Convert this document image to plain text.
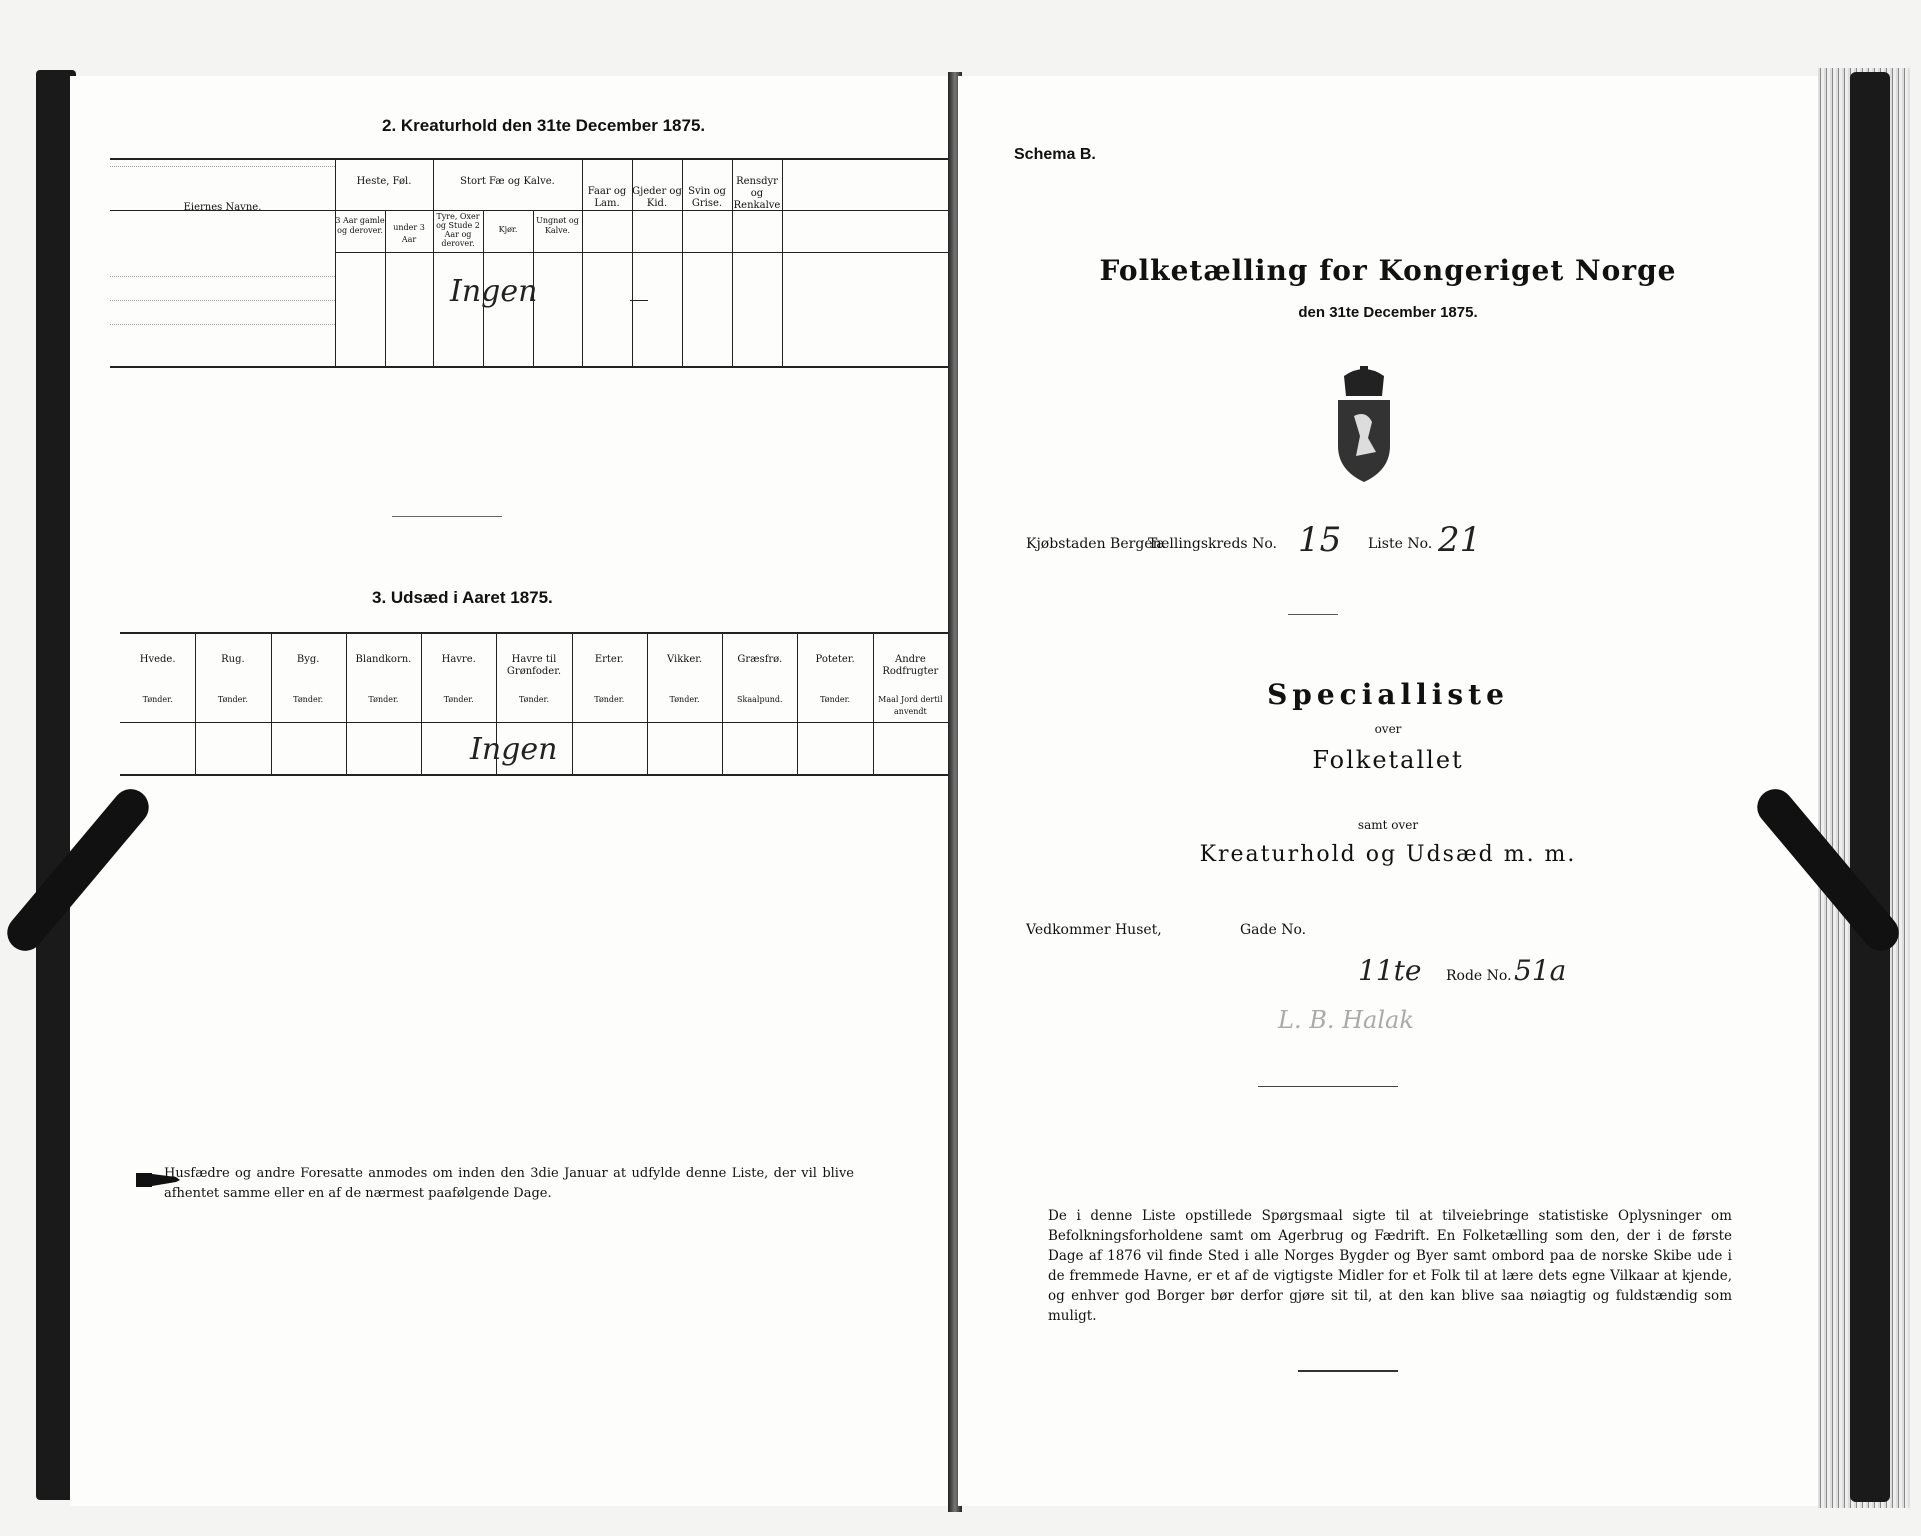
2. Kreaturhold den 31te December 1875.
Eiernes Navne.
Heste, Føl.
3 Aar gamle og derover.	under 3 Aar
Stort Fæ og Kalve.
Tyre, Oxer og Stude 2 Aar og derover.
Kjør.
Ungnøt og Kalve.
Faar og Lam.
Gjeder og Kid.
Svin og Grise.
Rensdyr og Renkalve
Ingen
3. Udsæd i Aaret 1875.
Hvede.
Tønder.
Rug.
Tønder.
Byg.
Tønder.
Blandkorn.
Tønder.
Havre.
Tønder.
Havre til Grønfoder.
Tønder.
Erter.
Tønder.
Vikker.
Tønder.
Græsfrø.
Skaalpund.
Poteter.
Tønder.
Andre Rodfrugter
Maal Jord dertil anvendt
Ingen
Husfædre og andre Foresatte anmodes om inden den 3die Januar at udfylde denne Liste, der vil blive afhentet samme eller en af de nærmest paafølgende Dage.
Schema B.
Folketælling for Kongeriget Norge
den 31te December 1875.
Kjøbstaden Bergen.
Tællingskreds No. 15 Liste No. 21
Specialliste
over
Folketallet
samt over
Kreaturhold og Udsæd m. m.
Vedkommer Huset,	Gade No.
11te Rode No. 51a
L. B. Halak
De i denne Liste opstillede Spørgsmaal sigte til at tilveiebringe statistiske Oplysninger om Befolkningsforholdene samt om Agerbrug og Fædrift. En Folketælling som den, der i de første Dage af 1876 vil finde Sted i alle Norges Bygder og Byer samt ombord paa de norske Skibe ude i de fremmede Havne, er et af de vigtigste Midler for et Folk til at lære dets egne Vilkaar at kjende, og enhver god Borger bør derfor gjøre sit til, at den kan blive saa nøiagtig og fuldstændig som muligt.
